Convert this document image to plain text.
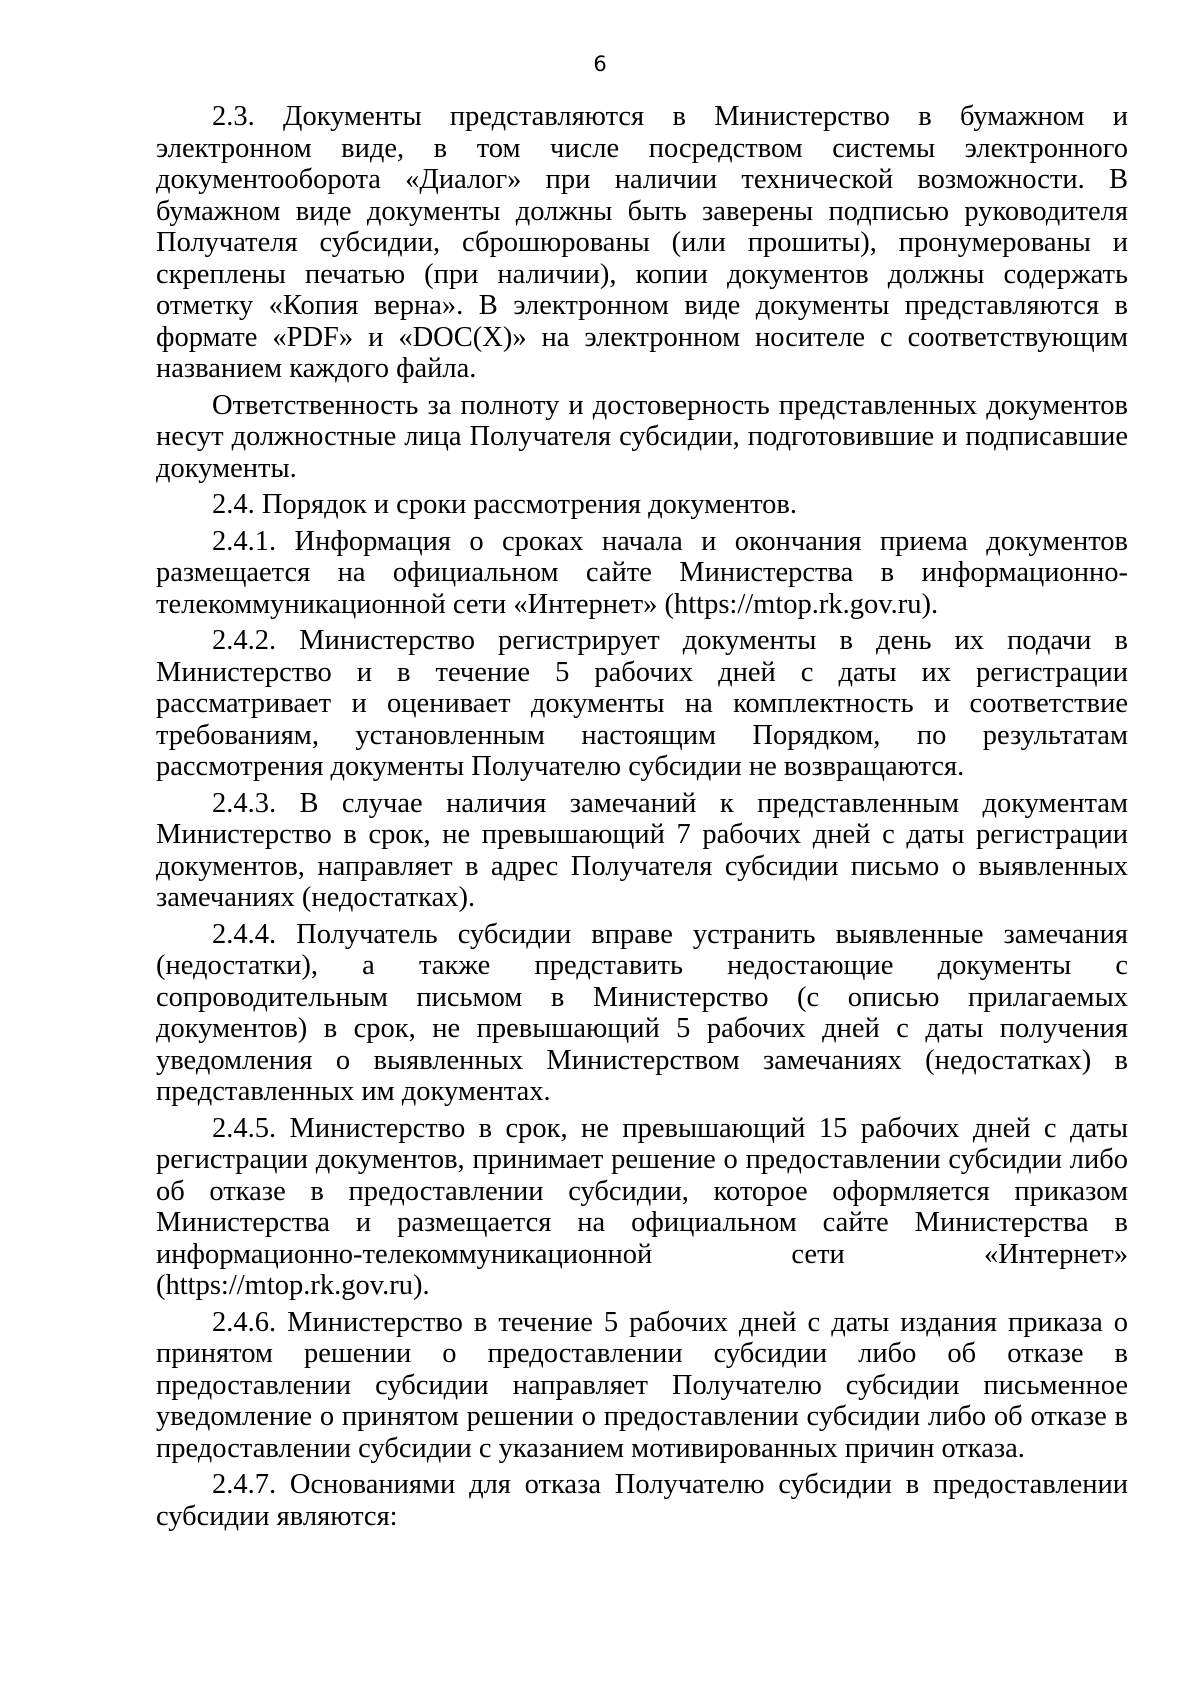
6

2.3. Документы представляются в Министерство в бумажном и электронном виде, в том числе посредством системы электронного документооборота «Диалог» при наличии технической возможности. В бумажном виде документы должны быть заверены подписью руководителя Получателя субсидии, сброшюрованы (или прошиты), пронумерованы и скреплены печатью (при наличии), копии документов должны содержать отметку «Копия верна». В электронном виде документы представляются в формате «PDF» и «DOC(X)» на электронном носителе с соответствующим названием каждого файла.

Ответственность за полноту и достоверность представленных документов несут должностные лица Получателя субсидии, подготовившие и подписавшие документы.

2.4. Порядок и сроки рассмотрения документов.

2.4.1. Информация о сроках начала и окончания приема документов размещается на официальном сайте Министерства в информационно-телекоммуникационной сети «Интернет» (https://mtop.rk.gov.ru).

2.4.2. Министерство регистрирует документы в день их подачи в Министерство и в течение 5 рабочих дней с даты их регистрации рассматривает и оценивает документы на комплектность и соответствие требованиям, установленным настоящим Порядком, по результатам рассмотрения документы Получателю субсидии не возвращаются.

2.4.3. В случае наличия замечаний к представленным документам Министерство в срок, не превышающий 7 рабочих дней с даты регистрации документов, направляет в адрес Получателя субсидии письмо о выявленных замечаниях (недостатках).

2.4.4. Получатель субсидии вправе устранить выявленные замечания (недостатки), а также представить недостающие документы с сопроводительным письмом в Министерство (с описью прилагаемых документов) в срок, не превышающий 5 рабочих дней с даты получения уведомления о выявленных Министерством замечаниях (недостатках) в представленных им документах.

2.4.5. Министерство в срок, не превышающий 15 рабочих дней с даты регистрации документов, принимает решение о предоставлении субсидии либо об отказе в предоставлении субсидии, которое оформляется приказом Министерства и размещается на официальном сайте Министерства в информационно-телекоммуникационной сети «Интернет» (https://mtop.rk.gov.ru).

2.4.6. Министерство в течение 5 рабочих дней с даты издания приказа о принятом решении о предоставлении субсидии либо об отказе в предоставлении субсидии направляет Получателю субсидии письменное уведомление о принятом решении о предоставлении субсидии либо об отказе в предоставлении субсидии с указанием мотивированных причин отказа.

2.4.7. Основаниями для отказа Получателю субсидии в предоставлении субсидии являются:
